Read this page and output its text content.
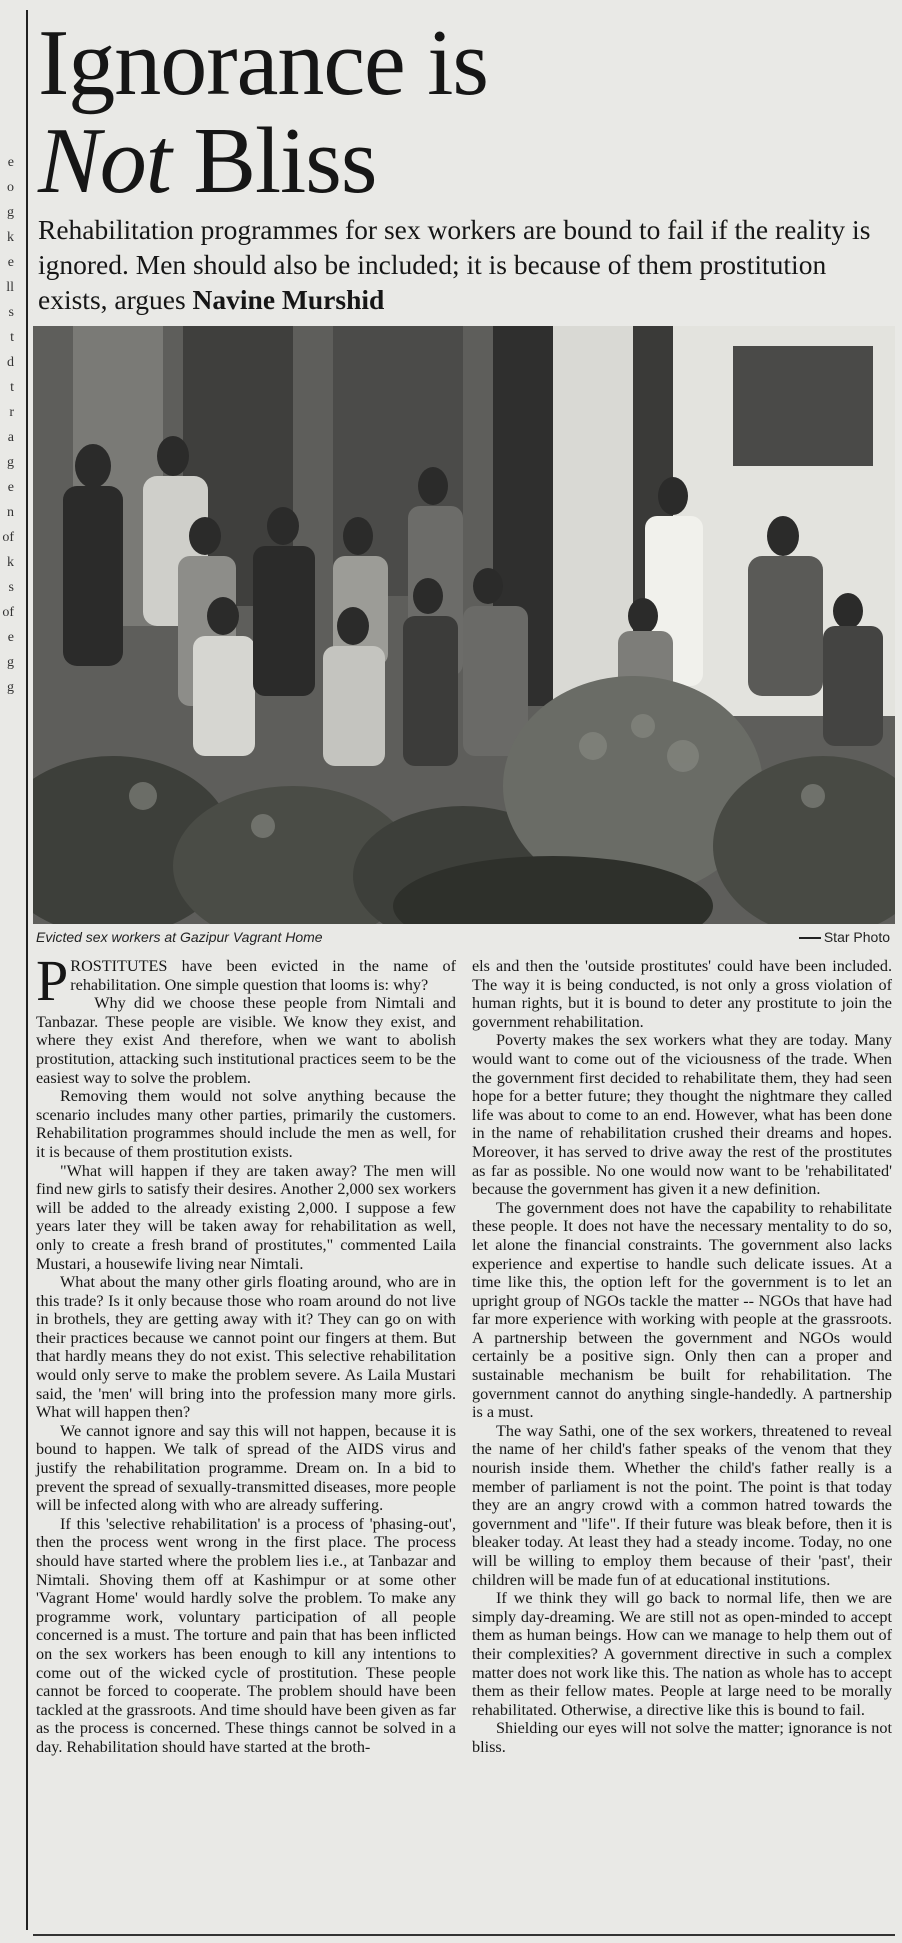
e
o
g
k
e
ll
s
t
d
t
r
a
g
e
n
of
k
s
of
e
g
g
Ignorance is
Not Bliss

Rehabilitation programmes for sex workers are bound to fail if the reality is ignored. Men should also be included; it is because of them prostitution exists, argues Navine Murshid

Evicted sex workers at Gazipur Vagrant Home	Star Photo

PROSTITUTES have been evicted in the name of rehabilitation. One simple question that looms is: why?

Why did we choose these people from Nimtali and Tanbazar. These people are visible. We know they exist, and where they exist And therefore, when we want to abolish prostitution, attacking such institutional practices seem to be the easiest way to solve the problem.

Removing them would not solve anything because the scenario includes many other parties, primarily the customers. Rehabilitation programmes should include the men as well, for it is because of them prostitution exists.

"What will happen if they are taken away? The men will find new girls to satisfy their desires. Another 2,000 sex workers will be added to the already existing 2,000. I suppose a few years later they will be taken away for rehabilitation as well, only to create a fresh brand of prostitutes," commented Laila Mustari, a housewife living near Nimtali.

What about the many other girls floating around, who are in this trade? Is it only because those who roam around do not live in brothels, they are getting away with it? They can go on with their practices because we cannot point our fingers at them. But that hardly means they do not exist. This selective rehabilitation would only serve to make the problem severe. As Laila Mustari said, the 'men' will bring into the profession many more girls. What will happen then?

We cannot ignore and say this will not happen, because it is bound to happen. We talk of spread of the AIDS virus and justify the rehabilitation programme. Dream on. In a bid to prevent the spread of sexually-transmitted diseases, more people will be infected along with who are already suffering.

If this 'selective rehabilitation' is a process of 'phasing-out', then the process went wrong in the first place. The process should have started where the problem lies i.e., at Tanbazar and Nimtali. Shoving them off at Kashimpur or at some other 'Vagrant Home' would hardly solve the problem. To make any programme work, voluntary participation of all people concerned is a must. The torture and pain that has been inflicted on the sex workers has been enough to kill any intentions to come out of the wicked cycle of prostitution. These people cannot be forced to cooperate. The problem should have been tackled at the grassroots. And time should have been given as far as the process is concerned. These things cannot be solved in a day. Rehabilitation should have started at the broth-

els and then the 'outside prostitutes' could have been included. The way it is being conducted, is not only a gross violation of human rights, but it is bound to deter any prostitute to join the government rehabilitation.

Poverty makes the sex workers what they are today. Many would want to come out of the viciousness of the trade. When the government first decided to rehabilitate them, they had seen hope for a better future; they thought the nightmare they called life was about to come to an end. However, what has been done in the name of rehabilitation crushed their dreams and hopes. Moreover, it has served to drive away the rest of the prostitutes as far as possible. No one would now want to be 'rehabilitated' because the government has given it a new definition.

The government does not have the capability to rehabilitate these people. It does not have the necessary mentality to do so, let alone the financial constraints. The government also lacks experience and expertise to handle such delicate issues. At a time like this, the option left for the government is to let an upright group of NGOs tackle the matter -- NGOs that have had far more experience with working with people at the grassroots. A partnership between the government and NGOs would certainly be a positive sign. Only then can a proper and sustainable mechanism be built for rehabilitation. The government cannot do anything single-handedly. A partnership is a must.

The way Sathi, one of the sex workers, threatened to reveal the name of her child's father speaks of the venom that they nourish inside them. Whether the child's father really is a member of parliament is not the point. The point is that today they are an angry crowd with a common hatred towards the government and "life". If their future was bleak before, then it is bleaker today. At least they had a steady income. Today, no one will be willing to employ them because of their 'past', their children will be made fun of at educational institutions.

If we think they will go back to normal life, then we are simply day-dreaming. We are still not as open-minded to accept them as human beings. How can we manage to help them out of their complexities? A government directive in such a complex matter does not work like this. The nation as whole has to accept them as their fellow mates. People at large need to be morally rehabilitated. Otherwise, a directive like this is bound to fail.

Shielding our eyes will not solve the matter; ignorance is not bliss.
